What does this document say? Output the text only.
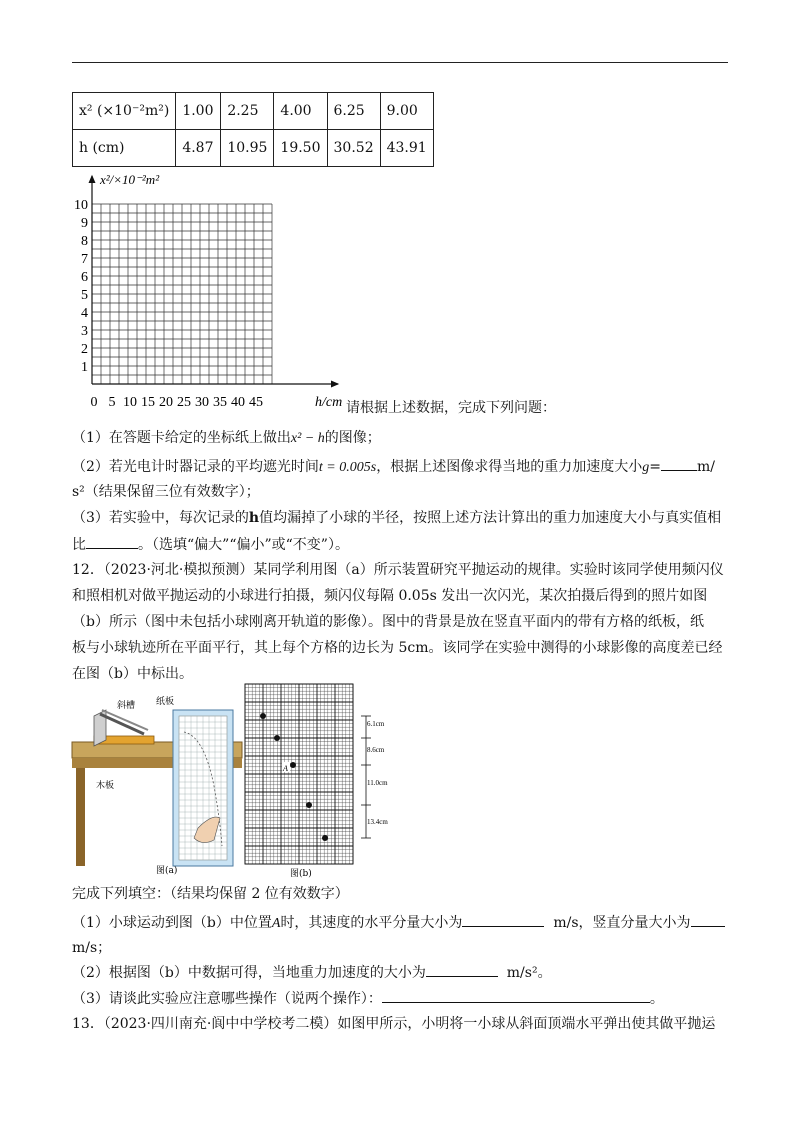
x² (×10⁻²m²)	1.00	2.25	4.00	6.25	9.00
h (cm)	4.87	10.95	19.50	30.52	43.91
1
2
3
4
5
6
7
8
9
10
0 5 10 15 20 25 30 35 40 45
x²/×10⁻²m²
h/cm 请根据上述数据，完成下列问题：
（1）在答题卡给定的坐标纸上做出x² − h的图像；
（2）若光电计时器记录的平均遮光时间t = 0.005s，根据上述图像求得当地的重力加速度大小g=	m/
s²（结果保留三位有效数字）；
（3）若实验中，每次记录的h值均漏掉了小球的半径，按照上述方法计算出的重力加速度大小与真实值相
比	。（选填“偏大”“偏小”或“不变”）。
12．（2023·河北·模拟预测）某同学利用图（a）所示装置研究平抛运动的规律。实验时该同学使用频闪仪
和照相机对做平抛运动的小球进行拍摄，频闪仪每隔 0.05s 发出一次闪光，某次拍摄后得到的照片如图
（b）所示（图中未包括小球刚离开轨道的影像）。图中的背景是放在竖直平面内的带有方格的纸板，纸
板与小球轨迹所在平面平行，其上每个方格的边长为 5cm。该同学在实验中测得的小球影像的高度差已经
在图（b）中标出。
斜槽 纸板
木板
图(a)
A
6.1cm
8.6cm
11.0cm
13.4cm
图(b)
完成下列填空：（结果均保留 2 位有效数字）
（1）小球运动到图（b）中位置A时，其速度的水平分量大小为	m/s，竖直分量大小为
m/s；
（2）根据图（b）中数据可得，当地重力加速度的大小为	m/s²。
（3）请谈此实验应注意哪些操作（说两个操作）：	。
13．（2023·四川南充·阆中中学校考二模）如图甲所示，小明将一小球从斜面顶端水平弹出使其做平抛运
